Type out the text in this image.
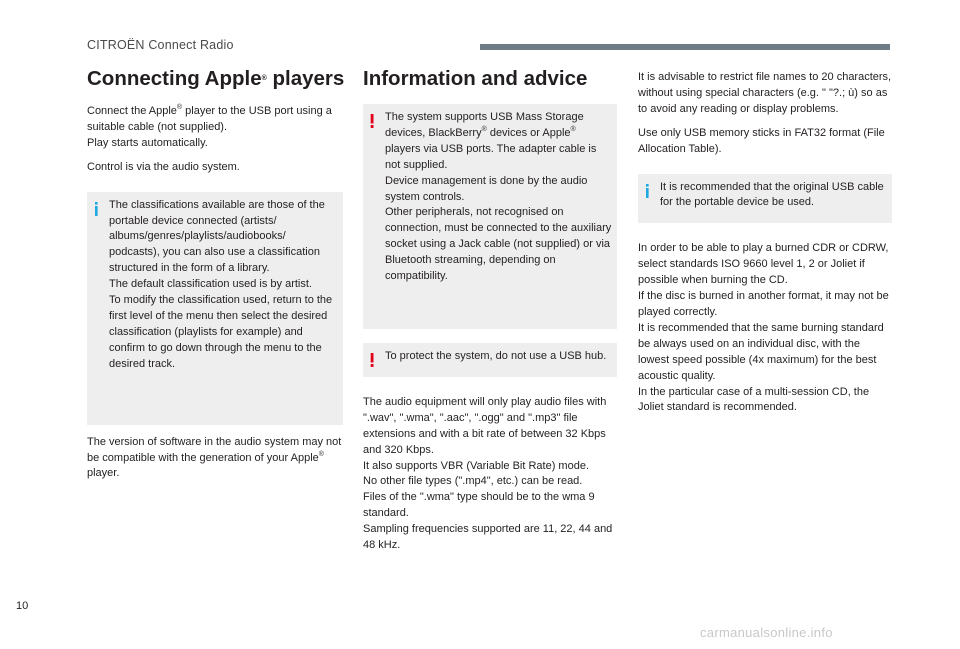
CITROËN Connect Radio
Connecting Apple® players

Connect the Apple® player to the USB port using a suitable cable (not supplied).
Play starts automatically.

Control is via the audio system.

The classifications available are those of the portable device connected (artists/ albums/genres/playlists/audiobooks/ podcasts), you can also use a classification structured in the form of a library.
The default classification used is by artist.
To modify the classification used, return to the first level of the menu then select the desired classification (playlists for example) and confirm to go down through the menu to the desired track.

The version of software in the audio system may not be compatible with the generation of your Apple® player.

Information and advice
The system supports USB Mass Storage devices, BlackBerry® devices or Apple® players via USB ports. The adapter cable is not supplied.
Device management is done by the audio system controls.
Other peripherals, not recognised on connection, must be connected to the auxiliary socket using a Jack cable (not supplied) or via Bluetooth streaming, depending on compatibility.
To protect the system, do not use a USB hub.
The audio equipment will only play audio files with ".wav", ".wma", ".aac", ".ogg" and ".mp3" file extensions and with a bit rate of between 32 Kbps and 320 Kbps.
It also supports VBR (Variable Bit Rate) mode.
No other file types (".mp4", etc.) can be read.
Files of the ".wma" type should be to the wma 9 standard.
Sampling frequencies supported are 11, 22, 44 and 48 kHz.

It is advisable to restrict file names to 20 characters, without using special characters (e.g. " "?.; ù) so as to avoid any reading or display problems.

Use only USB memory sticks in FAT32 format (File Allocation Table).

It is recommended that the original USB cable for the portable device be used.
In order to be able to play a burned CDR or CDRW, select standards ISO 9660 level 1, 2 or Joliet if possible when burning the CD.
If the disc is burned in another format, it may not be played correctly.
It is recommended that the same burning standard be always used on an individual disc, with the lowest speed possible (4x maximum) for the best acoustic quality.
In the particular case of a multi-session CD, the Joliet standard is recommended.
10
carmanualsonline.info
